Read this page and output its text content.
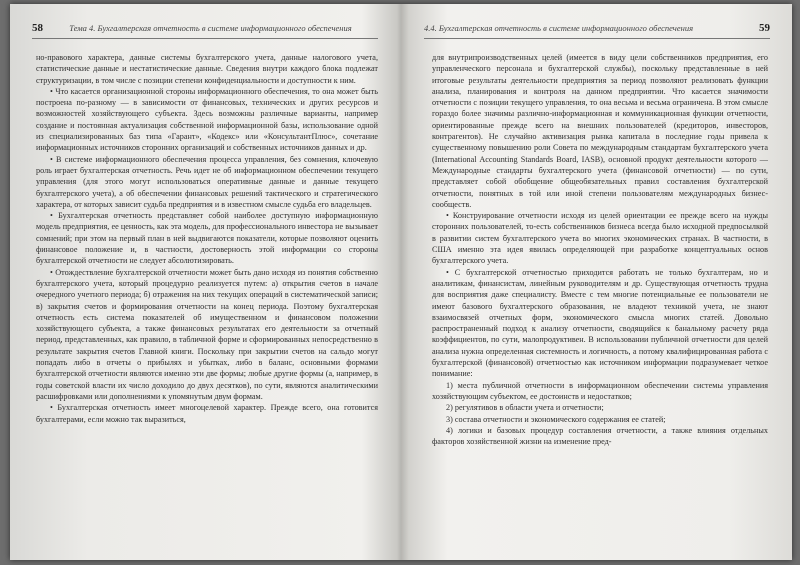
58	Тема 4. Бухгалтерская отчетность в системе информационного обеспечения

но-правового характера, данные системы бухгалтерского учета, данные налогового учета, статистические данные и нестатистические данные. Сведения внутри каждого блока подлежат структуризации, в том числе с позиции степени конфиденциальности и доступности к ним.

• Что касается организационной стороны информационного обеспечения, то она может быть построена по-разному — в зависимости от финансовых, технических и других ресурсов и возможностей хозяйствующего субъекта. Здесь возможны различные варианты, например создание и постоянная актуализация собственной информационной базы, использование одной из специализированных баз типа «Гарант», «Кодекс» или «КонсультантПлюс», сочетание информационных источников сторонних организаций и собственных источников данных и др.

• В системе информационного обеспечения процесса управления, без сомнения, ключевую роль играет бухгалтерская отчетность. Речь идет не об информационном обеспечении текущего управления (для этого могут использоваться оперативные данные и данные текущего бухгалтерского учета), а об обеспечении финансовых решений тактического и стратегического характера, от которых зависит судьба предприятия и в известном смысле судьба его владельцев.

• Бухгалтерская отчетность представляет собой наиболее доступную информационную модель предприятия, ее ценность, как эта модель, для профессионального инвестора не вызывает сомнений; при этом на первый план в ней выдвигаются показатели, которые позволяют оценить финансовое положение и, в частности, достоверность этой информации со стороны бухгалтерской отчетности не следует абсолютизировать.

• Отождествление бухгалтерской отчетности может быть дано исходя из понятия собственно бухгалтерского учета, который процедурно реализуется путем: а) открытия счетов в начале очередного учетного периода; б) отражения на них текущих операций в систематической записи; в) закрытия счетов и формирования отчетности на конец периода. Поэтому бухгалтерская отчетность есть система показателей об имущественном и финансовом положении хозяйствующего субъекта, а также финансовых результатах его деятельности за отчетный период, представленных, как правило, в табличной форме и сформированных непосредственно в результате закрытия счетов Главной книги. Поскольку при закрытии счетов на сальдо могут попадать либо в отчеты о прибылях и убытках, либо в баланс, основными формами бухгалтерской отчетности являются именно эти две формы; любые другие формы (а, например, в годы советской власти их число доходило до двух десятков), по сути, являются аналитическими расшифровками или дополнениями к упомянутым двум формам.

• Бухгалтерская отчетность имеет многоцелевой характер. Прежде всего, она готовится бухгалтерами, если можно так выразиться,

4.4. Бухгалтерская отчетность в системе информационного обеспечения	59

для внутрипроизводственных целей (имеется в виду цели собственников предприятия, его управленческого персонала и бухгалтерской службы), поскольку представленные в ней итоговые результаты деятельности предприятия за период позволяют реализовать функции анализа, планирования и контроля на данном предприятии. Что касается значимости отчетности с позиции текущего управления, то она весьма и весьма ограничена. В этом смысле гораздо более значимы различно-информационная и коммуникационная функции отчетности, ориентированные прежде всего на внешних пользователей (кредиторов, инвесторов, контрагентов). Не случайно активизация рынка капитала в последние годы привела к существенному повышению роли Совета по международным стандартам бухгалтерского учета (International Accounting Standards Board, IASB), основной продукт деятельности которого — Международные стандарты бухгалтерского учета (финансовой отчетности) — по сути, представляет собой обобщение общеобязательных правил составления бухгалтерской отчетности, понятных в той или иной степени пользователям международных бизнес-сообществ.

• Конструирование отчетности исходя из целей ориентации ее прежде всего на нужды сторонних пользователей, то-есть собственников бизнеса всегда было исходной предпосылкой в развитии систем бухгалтерского учета во многих экономических странах. В частности, в США именно эта идея явилась определяющей при разработке концептуальных основ бухгалтерского учета.

• С бухгалтерской отчетностью приходится работать не только бухгалтерам, но и аналитикам, финансистам, линейным руководителям и др. Существующая отчетность трудна для восприятия даже специалисту. Вместе с тем многие потенциальные ее пользователи не имеют базового бухгалтерского образования, не владеют техникой учета, не знают взаимосвязей отчетных форм, экономического смысла многих статей. Довольно распространенный подход к анализу отчетности, сводящийся к банальному расчету ряда коэффициентов, по сути, малопродуктивен. В использовании публичной отчетности для целей анализа нужна определенная системность и логичность, а потому квалифицированная работа с бухгалтерской (финансовой) отчетностью как источником информации подразумевает четкое понимание:

1) места публичной отчетности в информационном обеспечении системы управления хозяйствующим субъектом, ее достоинств и недостатков;

2) регулятивов в области учета и отчетности;

3) состава отчетности и экономического содержания ее статей;

4) логики и базовых процедур составления отчетности, а также влияния отдельных факторов хозяйственной жизни на изменение пред-
